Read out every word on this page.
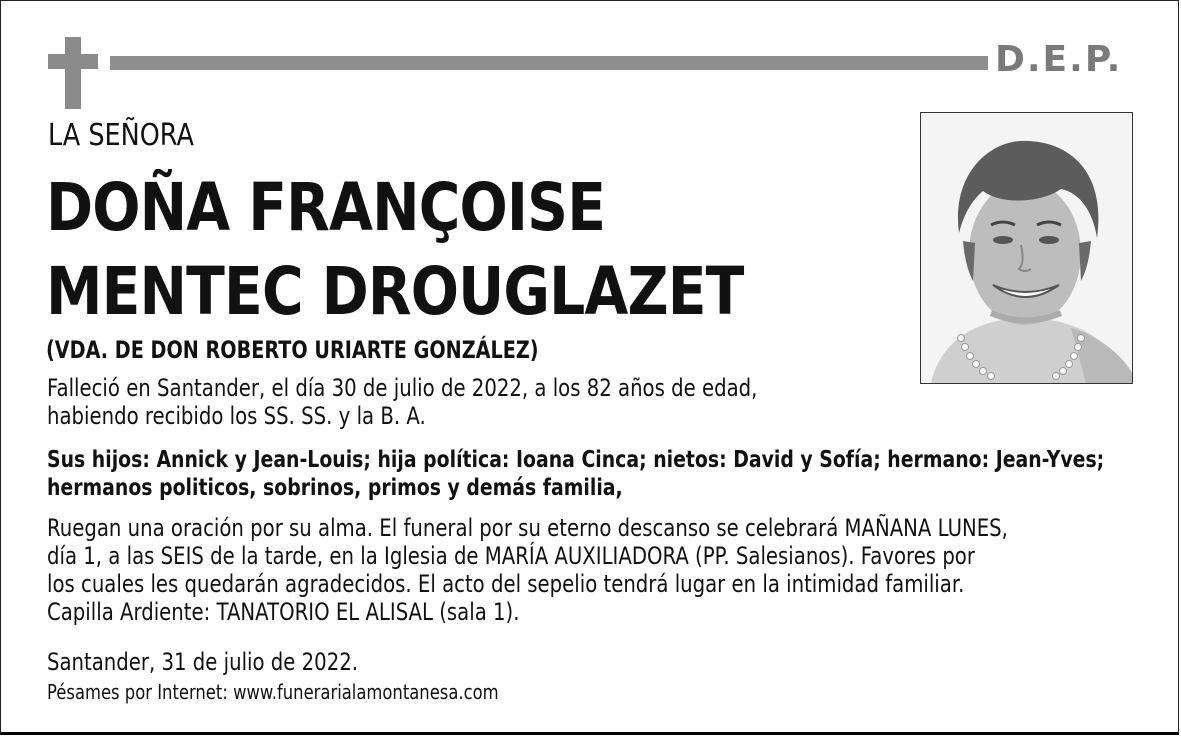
D.E.P.
LA SEÑORA
DOÑA FRANÇOISE
MENTEC DROUGLAZET
(VDA. DE DON ROBERTO URIARTE GONZÁLEZ)
Falleció en Santander, el día 30 de julio de 2022, a los 82 años de edad,
habiendo recibido los SS. SS. y la B. A.
Sus hijos: Annick y Jean-Louis; hija política: Ioana Cinca; nietos: David y Sofía; hermano: Jean-Yves;
hermanos politicos, sobrinos, primos y demás familia,
Ruegan una oración por su alma. El funeral por su eterno descanso se celebrará MAÑANA LUNES,
día 1, a las SEIS de la tarde, en la Iglesia de MARÍA AUXILIADORA (PP. Salesianos). Favores por
los cuales les quedarán agradecidos. El acto del sepelio tendrá lugar en la intimidad familiar.
Capilla Ardiente: TANATORIO EL ALISAL (sala 1).
Santander, 31 de julio de 2022.
Pésames por Internet: www.funerarialamontanesa.com
